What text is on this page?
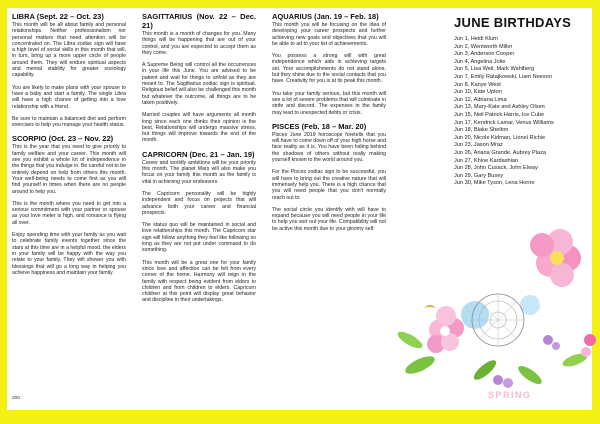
LIBRA (Sept. 22 – Oct. 23)

This month will be all about family and personal relationships. Neither professionalism nor personal matters that need attention will be concentrated on. The Libra zodiac sign will have a high level of social skills in this month that will, in turn, bring up a more upper circle of people around them. They will endure spiritual aspects and mental stability for greater sociology capability.

You are likely to make plans with your spouse to have a baby and start a family. The single Libra will have a high chance of getting into a love relationship with a friend.

Be sure to maintain a balanced diet and perform exercises to help you manage your health status.

SCORPIO (Oct. 23 – Nov. 22)

This is the year that you need to give priority to family welfare and your career. This month will see you exhibit a whole lot of independence in the things that you indulge in. Be careful not to be entirely depend on help from others this month. Your well-being needs to come first as you will find yourself in times when there are no people around to help you.

This is the month where you need to get into a serious commitment with your partner or spouse as your love meter is high, and romance is flying all over.

Enjoy spending time with your family as you wait to celebrate family events together since the stars at this time are in a helpful mood. the elders in your family will be happy with the way you relate to your family. They will shower you with blessings that will go a long way in helping you achieve happiness and maintain your family.

SAGITTARIUS (Nov. 22 – Dec. 21)

This month is a month of changes for you. Many things will be happening that are out of your control, and you are expected to accept them as they come.

A Supreme Being will control all the occurrences in your life this June. You are advised to be patient and wait for things to unfold as they are meant to. The Sagittarius zodiac sign is spiritual. Religious belief will also be challenged this month but whatever the outcome, all things are to be taken positively.

Married couples will have arguments all month long since each one thinks their opinion is the best. Relationships will undergo massive stress, but things will improve towards the end of the month.

CAPRICORN (Dec. 21 – Jan. 19)

Career and worldly ambitions will be your priority this month. The planet Mars will also make you focus on your family this month as the family is vital in achieving your endeavors.

The Capricorn personality will be highly independent and focus on projects that will advance both your career and financial prospects.

The status quo will be maintained in social and love relationships this month. The Capricorn star sign will follow anything they feel like following so long as they are not put under command to do something.

This month will be a great one for your family since love and affection can be felt from every corner of the home. Harmony will reign in the family with respect being evident from elders to children and from children to elders. Capricorn children at this point will display great behavior and discipline in their undertakings.

AQUARIUS (Jan. 19 – Feb. 18)

This month you will be focusing on the idea of developing your career prospects and further achieving new goals and objectives that you will be able to ad to your list of achievements.

You possess a strong will with great independence which aids in achieving targets set. Your accomplishments do not stand alone, but they shine due to the social contacts that you have. Creativity for you is at its peak this month.

You take your family serious, but this month will see a lot of severe problems that will culminate in strife and discord. The expenses in the family may lead to unexpected debts or crisis.

PISCES (Feb. 18 – Mar. 20)

Pisces June 2019 horoscope foretells that you will have to come down off of your high horse and face reality as it is. You have been hiding behind the shadows of others without really making yourself known to the world around you.

For the Pisces zodiac sign to be successful, you will have to bring out the creative nature that will immensely help you. There is a high chance that you will need people that you don't normally reach out to.

The social circle you identify with will have to expand because you will need people in your life to help you sort out your life. Compatibility will not be active this month due to your gloomy self.

JUNE BIRTHDAYS
Jun 1, Heidi Klum
Jun 2, Wentworth Miller
Jun 3, Anderson Cooper
Jun 4, Angelina Jolie
Jun 5, Lisa Weil, Mark Wahlberg
Jun 7, Emily Ratajkowski, Liam Neeson
Jun 8, Kanye West
Jun 10, Kate Upton
Jun 12, Adriana Lima
Jun 13, Mary-Kate and Ashley Olsen
Jun 15, Neil Patrick Harris, Ice Cube
Jun 17, Kendrick Lamar, Venus Williams
Jun 18, Blake Shelton
Jun 20, Nicole Kidman, Lionel Richie
Jun 23, Jason Mraz
Jun 26, Ariana Grande, Aubrey Plaza
Jun 27, Khloe Kardashian
Jun 28, John Cusack, John Elway
Jun 29, Gary Busey
Jun 30, Mike Tyson, Lena Horne
SPRING
200
